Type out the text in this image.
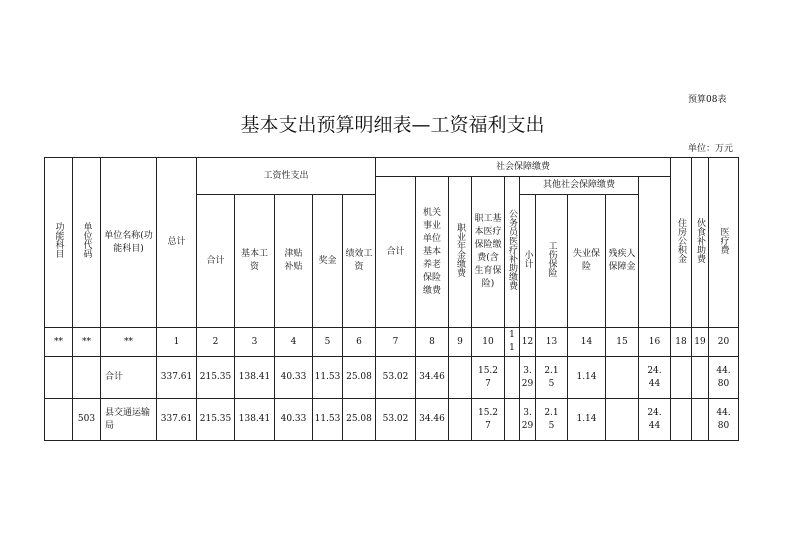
预算08表
基本支出预算明细表—工资福利支出
单位：万元
功能科目	单位代码	单位名称(功能科目)	总计	工资性支出					社会保障缴费										住房公积金	伙食补助费	医疗费	
									合计	机关事业单位基本养老保险缴费	职业年金缴费	职工基本医疗保险缴费(含生育保险)	公务员医疗补助缴费	其他社会保障缴费								
				合计	基本工资	津贴补贴	奖金	绩效工资						小计	工伤保险	失业保险	残疾人保障金					
**	**	**	1	2	3	4	5	6	7	8	9	10	11	12	13	14	15	16	18	19	20	
		合计	337.61	215.35	138.41	40.33	11.53	25.08	53.02	34.46		15.27		3.29	2.15	1.14		24.44			44.80	
	503	县交通运输局	337.61	215.35	138.41	40.33	11.53	25.08	53.02	34.46		15.27		3.29	2.15	1.14		24.44			44.80	
